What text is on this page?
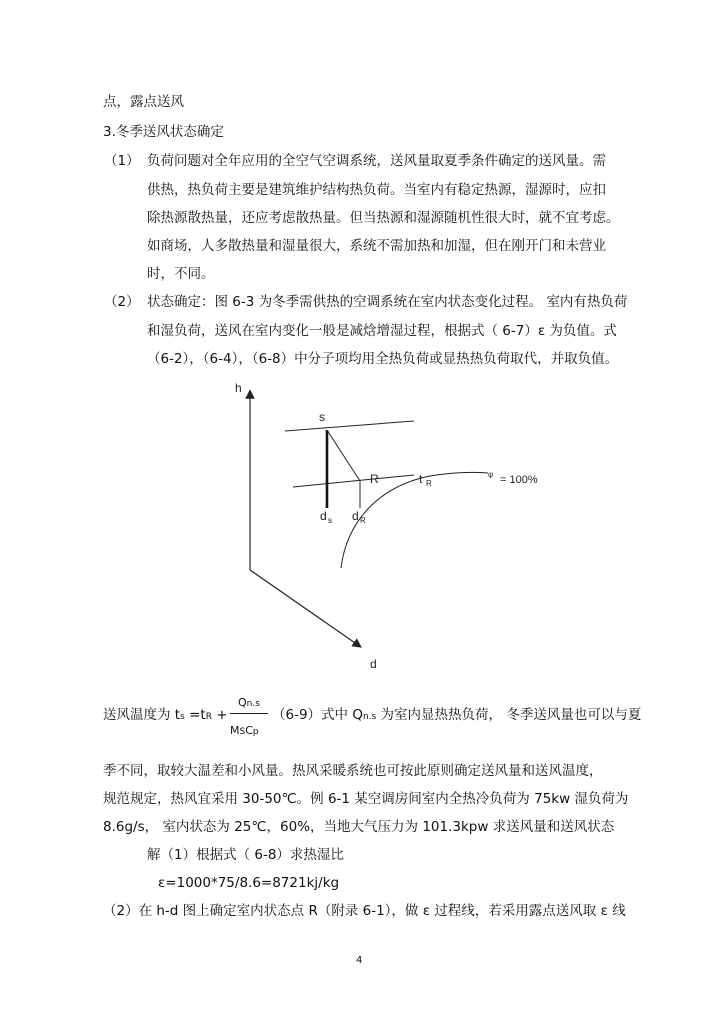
点，露点送风
3.冬季送风状态确定
（1） 负荷问题对全年应用的全空气空调系统，送风量取夏季条件确定的送风量。需
供热，热负荷主要是建筑维护结构热负荷。当室内有稳定热源，湿源时，应扣
除热源散热量，还应考虑散热量。但当热源和湿源随机性很大时，就不宜考虑。
如商场，人多散热量和湿量很大，系统不需加热和加湿，但在刚开门和未营业
时，不同。
（2） 状态确定：图 6-3 为冬季需供热的空调系统在室内状态变化过程。 室内有热负荷
和湿负荷，送风在室内变化一般是减焓增湿过程，根据式（ 6-7）ε 为负值。式
（6-2），（6-4），（6-8）中分子项均用全热负荷或显热热负荷取代，并取负值。
h
d
s
R	t R
d s d R
φ = 100%
送风温度为 ts =tR +
Qn.s
MSCp
（6-9）式中 Qn.s 为室内显热热负荷， 冬季送风量也可以与夏
季不同，取较大温差和小风量。热风采暖系统也可按此原则确定送风量和送风温度，
规范规定，热风宜采用 30-50℃。例 6-1 某空调房间室内全热冷负荷为 75kw 湿负荷为
8.6g/s， 室内状态为 25℃，60%，当地大气压力为 101.3kpw 求送风量和送风状态
解（1）根据式（ 6-8）求热湿比
ε=1000*75/8.6=8721kj/kg
（2）在 h-d 图上确定室内状态点 R（附录 6-1），做 ε 过程线，若采用露点送风取 ε 线
4
